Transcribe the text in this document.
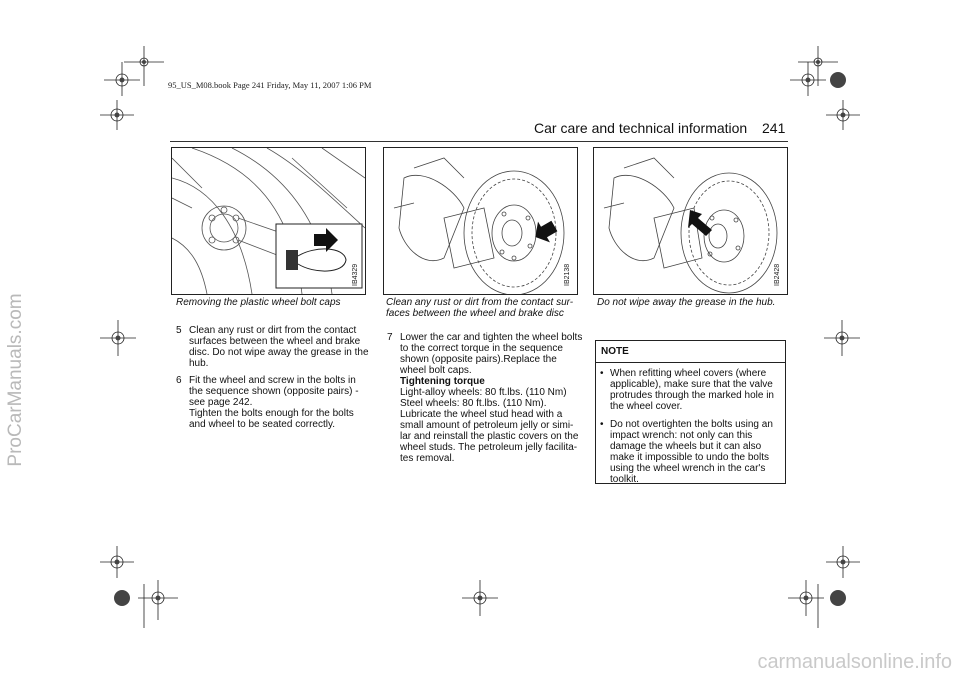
ProCarManuals.com
95_US_M08.book Page 241 Friday, May 11, 2007 1:06 PM
Car care and technical information 241
IB4329	IB2138	IB2428
Removing the plastic wheel bolt caps	Clean any rust or dirt from the contact sur-faces between the wheel and brake disc
Do not wipe away the grease in the hub.
5 Clean any rust or dirt from the contact surfaces between the wheel and brake disc. Do not wipe away the grease in the hub.

6 Fit the wheel and screw in the bolts in the sequence shown (opposite pairs) - see page 242.

Tighten the bolts enough for the bolts and wheel to be seated correctly.

7 Lower the car and tighten the wheel bolts to the correct torque in the sequence shown (opposite pairs).Replace the wheel bolt caps.

Tightening torque

Light-alloy wheels: 80 ft.lbs. (110 Nm)

Steel wheels: 80 ft.lbs. (110 Nm).

Lubricate the wheel stud head with a small amount of petroleum jelly or simi-lar and reinstall the plastic covers on the wheel studs. The petroleum jelly facilita-tes removal.

NOTE
• When refitting wheel covers (where applicable), make sure that the valve protrudes through the marked hole in the wheel cover.
• Do not overtighten the bolts using an impact wrench: not only can this damage the wheels but it can also make it impossible to undo the bolts using the wheel wrench in the car's toolkit.
carmanualsonline.info
